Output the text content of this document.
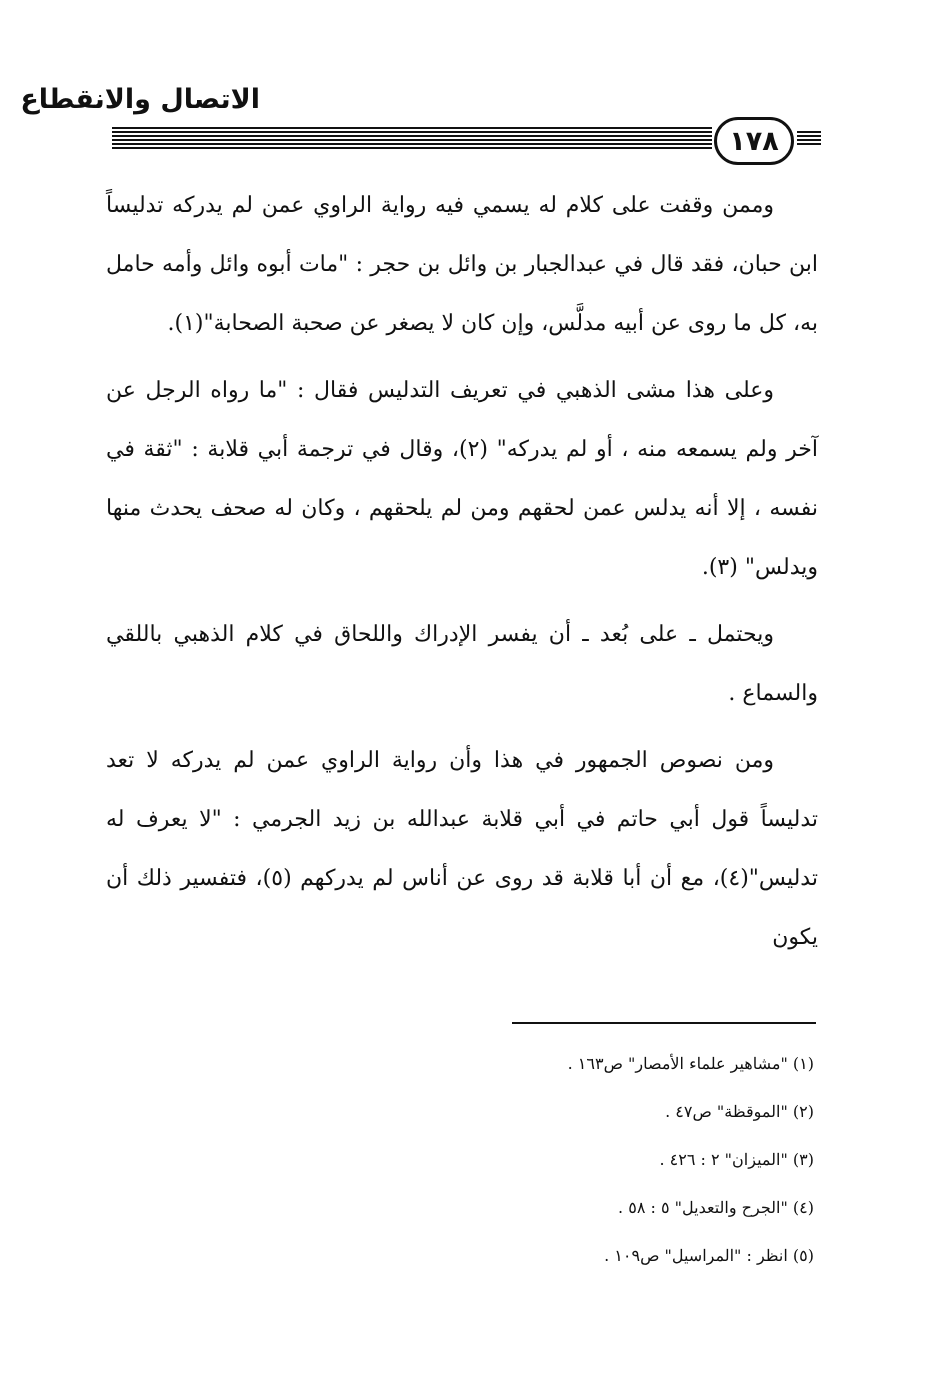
الاتصال والانقطاع
١٧٨

وممن وقفت على كلام له يسمي فيه رواية الراوي عمن لم يدركه تدليساً ابن حبان، فقد قال في عبدالجبار بن وائل بن حجر : "مات أبوه وائل وأمه حامل به، كل ما روى عن أبيه مدلَّس، وإن كان لا يصغر عن صحبة الصحابة"(١).

وعلى هذا مشى الذهبي في تعريف التدليس فقال : "ما رواه الرجل عن آخر ولم يسمعه منه ، أو لم يدركه" (٢)، وقال في ترجمة أبي قلابة : "ثقة في نفسه ، إلا أنه يدلس عمن لحقهم ومن لم يلحقهم ، وكان له صحف يحدث منها ويدلس" (٣).

ويحتمل ـ على بُعد ـ أن يفسر الإدراك واللحاق في كلام الذهبي باللقي والسماع .

ومن نصوص الجمهور في هذا وأن رواية الراوي عمن لم يدركه لا تعد تدليساً قول أبي حاتم في أبي قلابة عبدالله بن زيد الجرمي : "لا يعرف له تدليس"(٤)، مع أن أبا قلابة قد روى عن أناس لم يدركهم (٥)، فتفسير ذلك أن يكون

(١) "مشاهير علماء الأمصار" ص١٦٣ .
(٢) "الموقظة" ص٤٧ .
(٣) "الميزان" ٢ : ٤٢٦ .
(٤) "الجرح والتعديل" ٥ : ٥٨ .
(٥) انظر : "المراسيل" ص١٠٩ .
